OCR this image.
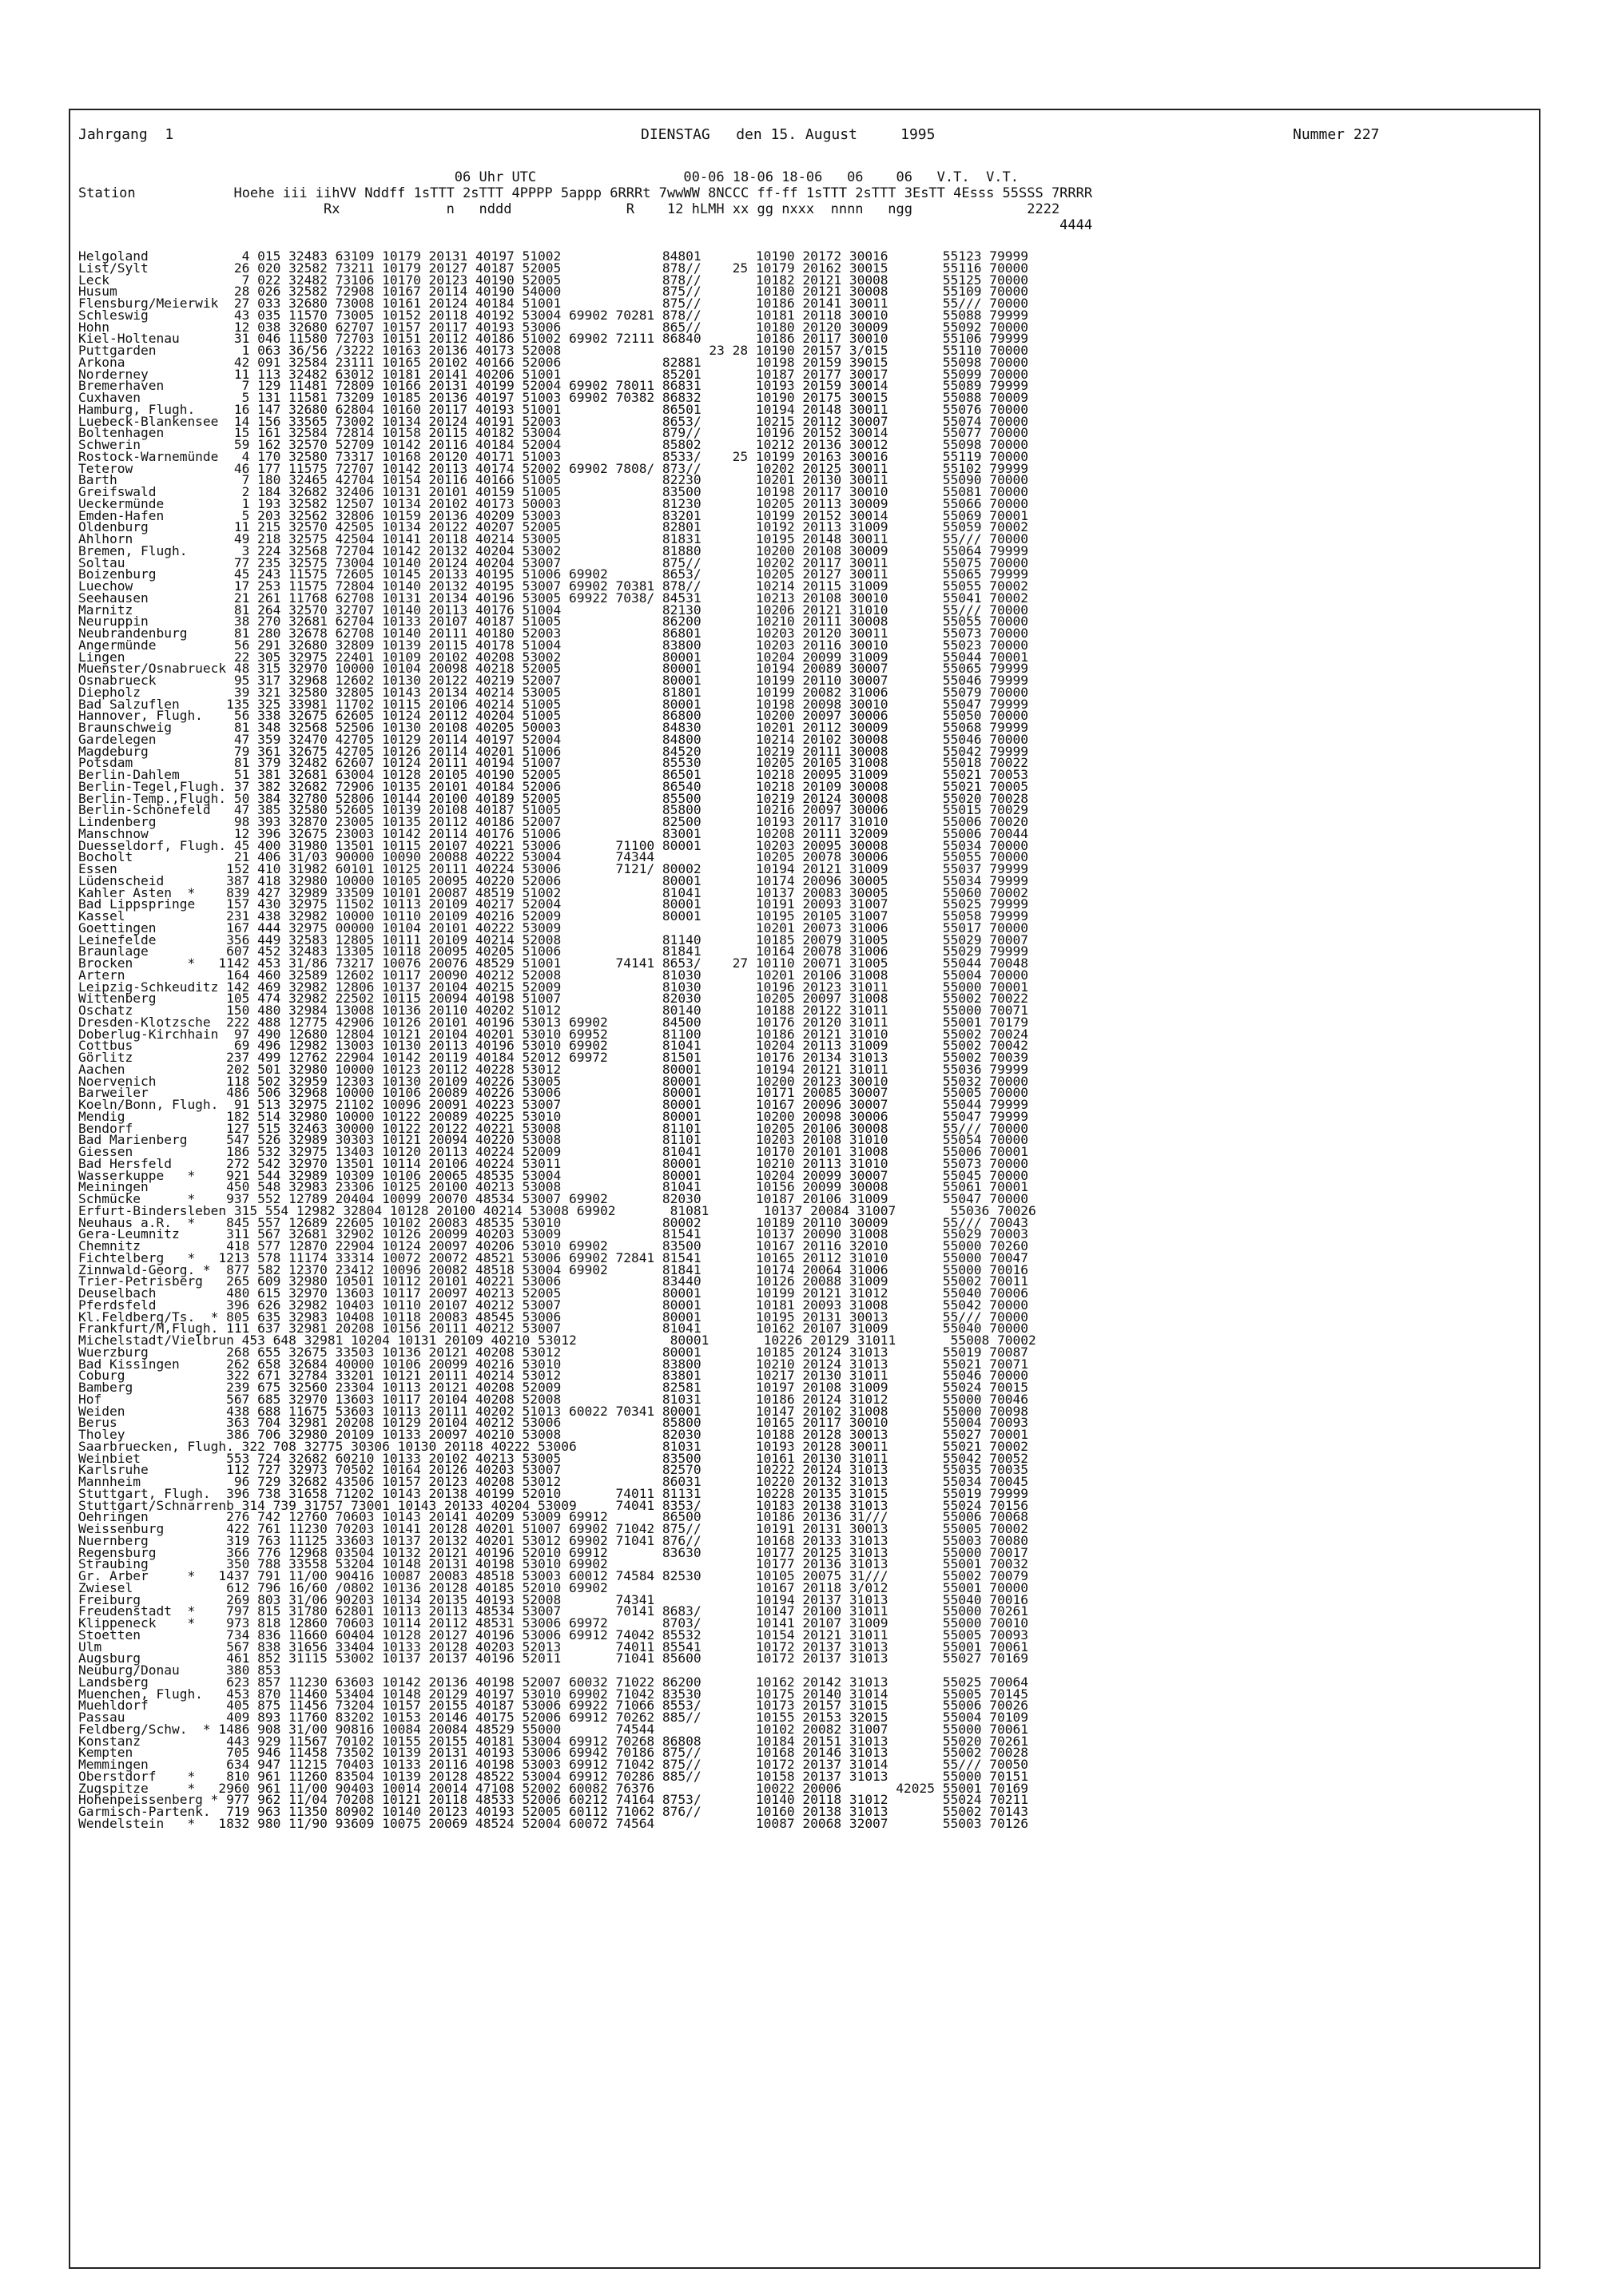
Jahrgang  1	DIENSTAG   den 15. August     1995	Nummer 227
06 Uhr UTC                  00-06 18-06 18-06   06    06   V.T.  V.T.
Station            Hoehe iii iihVV Nddff 1sTTT 2sTTT 4PPPP 5appp 6RRRt 7wwWW 8NCCC ff-ff 1sTTT 2sTTT 3EsTT 4Esss 55SSS 7RRRR
Rx             n   nddd              R    12 hLMH xx gg nxxx  nnnn   ngg              2222
4444
Helgoland            4 015 32483 63109 10179 20131 40197 51002             84801       10190 20172 30016       55123 79999
List/Sylt           26 020 32582 73211 10179 20127 40187 52005             878//    25 10179 20162 30015       55116 70000
Leck                 7 022 32482 73106 10170 20123 40190 52005             878//       10182 20121 30008       55125 70000
Husum               28 026 32582 72908 10167 20114 40190 54000             875//       10180 20121 30008       55109 70000
Flensburg/Meierwik  27 033 32680 73008 10161 20124 40184 51001             875//       10186 20141 30011       55/// 70000
Schleswig           43 035 11570 73005 10152 20118 40192 53004 69902 70281 878//       10181 20118 30010       55088 79999
Hohn                12 038 32680 62707 10157 20117 40193 53006             865//       10180 20120 30009       55092 70000
Kiel-Holtenau       31 046 11580 72703 10151 20112 40186 51002 69902 72111 86840       10186 20117 30010       55106 79999
Puttgarden           1 063 36/56 /3222 10163 20136 40173 52008                   23 28 10190 20157 3/015       55110 70000
Arkona              42 091 32584 23111 10165 20102 40166 52006             82881       10198 20159 39015       55098 70000
Norderney           11 113 32482 63012 10181 20141 40206 51001             85201       10187 20177 30017       55099 70000
Bremerhaven          7 129 11481 72809 10166 20131 40199 52004 69902 78011 86831       10193 20159 30014       55089 79999
Cuxhaven             5 131 11581 73209 10185 20136 40197 51003 69902 70382 86832       10190 20175 30015       55088 70009
Hamburg, Flugh.     16 147 32680 62804 10160 20117 40193 51001             86501       10194 20148 30011       55076 70000
Luebeck-Blankensee  14 156 33565 73002 10134 20124 40191 52003             8653/       10215 20112 30007       55074 70000
Boltenhagen         15 161 32584 72814 10158 20115 40182 53004             879//       10196 20152 30014       55077 70000
Schwerin            59 162 32570 52709 10142 20116 40184 52004             85802       10212 20136 30012       55098 70000
Rostock-Warnemünde   4 170 32580 73317 10168 20120 40171 51003             8533/    25 10199 20163 30016       55119 70000
Teterow             46 177 11575 72707 10142 20113 40174 52002 69902 7808/ 873//       10202 20125 30011       55102 79999
Barth                7 180 32465 42704 10154 20116 40166 51005             82230       10201 20130 30011       55090 70000
Greifswald           2 184 32682 32406 10131 20101 40159 51005             83500       10198 20117 30010       55081 70000
Ueckermünde          1 193 32582 12507 10134 20102 40173 50003             81230       10205 20113 30009       55066 70000
Emden-Hafen          5 203 32562 32806 10159 20136 40209 53003             83201       10199 20152 30014       55069 70001
Oldenburg           11 215 32570 42505 10134 20122 40207 52005             82801       10192 20113 31009       55059 70002
Ahlhorn             49 218 32575 42504 10141 20118 40214 53005             81831       10195 20148 30011       55/// 70000
Bremen, Flugh.       3 224 32568 72704 10142 20132 40204 53002             81880       10200 20108 30009       55064 79999
Soltau              77 235 32575 73004 10140 20124 40204 53007             875//       10202 20117 30011       55075 70000
Boizenburg          45 243 11575 72605 10145 20133 40195 51006 69902       8653/       10205 20127 30011       55065 79999
Luechow             17 253 11575 72804 10140 20132 40195 53007 69902 70381 878//       10214 20115 31009       55055 70002
Seehausen           21 261 11768 62708 10131 20134 40196 53005 69922 7038/ 84531       10213 20108 30010       55041 70002
Marnitz             81 264 32570 32707 10140 20113 40176 51004             82130       10206 20121 31010       55/// 70000
Neuruppin           38 270 32681 62704 10133 20107 40187 51005             86200       10210 20111 30008       55055 70000
Neubrandenburg      81 280 32678 62708 10140 20111 40180 52003             86801       10203 20120 30011       55073 70000
Angermünde          56 291 32680 32809 10139 20115 40178 51004             83800       10203 20116 30010       55023 70000
Lingen              22 305 32975 22401 10109 20102 40208 53002             80001       10204 20099 31009       55044 70001
Muenster/Osnabrueck 48 315 32970 10000 10104 20098 40218 52005             80001       10194 20089 30007       55065 79999
Osnabrueck          95 317 32968 12602 10130 20122 40219 52007             80001       10199 20110 30007       55046 79999
Diepholz            39 321 32580 32805 10143 20134 40214 53005             81801       10199 20082 31006       55079 70000
Bad Salzuflen      135 325 33981 11702 10115 20106 40214 51005             80001       10198 20098 30010       55047 79999
Hannover, Flugh.    56 338 32675 62605 10124 20112 40204 51005             86800       10200 20097 30006       55050 70000
Braunschweig        81 348 32568 52506 10130 20108 40205 50003             84830       10201 20112 30009       55068 79999
Gardelegen          47 359 32470 42705 10129 20114 40197 52004             84800       10214 20102 30008       55046 70000
Magdeburg           79 361 32675 42705 10126 20114 40201 51006             84520       10219 20111 30008       55042 79999
Potsdam             81 379 32482 62607 10124 20111 40194 51007             85530       10205 20105 31008       55018 70022
Berlin-Dahlem       51 381 32681 63004 10128 20105 40190 52005             86501       10218 20095 31009       55021 70053
Berlin-Tegel,Flugh. 37 382 32682 72906 10135 20101 40184 52006             86540       10218 20109 30008       55021 70005
Berlin-Temp.,Flugh. 50 384 32780 52806 10144 20100 40189 52005             85500       10219 20124 30008       55020 70028
Berlin-Schönefeld   47 385 32580 52605 10139 20108 40187 51005             85800       10216 20097 30006       55015 70029
Lindenberg          98 393 32870 23005 10135 20112 40186 52007             82500       10193 20117 31010       55006 70020
Manschnow           12 396 32675 23003 10142 20114 40176 51006             83001       10208 20111 32009       55006 70044
Duesseldorf, Flugh. 45 400 31980 13501 10115 20107 40221 53006       71100 80001       10203 20095 30008       55034 70000
Bocholt             21 406 31/03 90000 10090 20088 40222 53004       74344             10205 20078 30006       55055 70000
Essen              152 410 31982 60101 10125 20111 40224 53006       7121/ 80002       10194 20121 31009       55037 79999
Lüdenscheid        387 418 32980 10000 10105 20095 40220 52006             80001       10174 20096 30005       55034 79999
Kahler Asten  *    839 427 32989 33509 10101 20087 48519 51002             81041       10137 20083 30005       55060 70002
Bad Lippspringe    157 430 32975 11502 10113 20109 40217 52004             80001       10191 20093 31007       55025 79999
Kassel             231 438 32982 10000 10110 20109 40216 52009             80001       10195 20105 31007       55058 79999
Goettingen         167 444 32975 00000 10104 20101 40222 53009                         10201 20073 31006       55017 70000
Leinefelde         356 449 32583 12805 10111 20109 40214 52008             81140       10185 20079 31005       55029 70007
Braunlage          607 452 32483 13305 10118 20095 40205 51006             81841       10164 20078 31006       55029 79999
Brocken       *   1142 453 31/86 73217 10076 20076 48529 51001       74141 8653/    27 10110 20071 31005       55044 70048
Artern             164 460 32589 12602 10117 20090 40212 52008             81030       10201 20106 31008       55004 70000
Leipzig-Schkeuditz 142 469 32982 12806 10137 20104 40215 52009             81030       10196 20123 31011       55000 70001
Wittenberg         105 474 32982 22502 10115 20094 40198 51007             82030       10205 20097 31008       55002 70022
Oschatz            150 480 32984 13008 10136 20110 40202 51012             80140       10188 20122 31011       55000 70071
Dresden-Klotzsche  222 488 12775 42906 10126 20101 40196 53013 69902       84500       10176 20120 31011       55001 70179
Doberlug-Kirchhain  97 490 12680 12804 10121 20104 40201 53010 69952       81100       10186 20121 31010       55002 70024
Cottbus             69 496 12982 13003 10130 20113 40196 53010 69902       81041       10204 20113 31009       55002 70042
Görlitz            237 499 12762 22904 10142 20119 40184 52012 69972       81501       10176 20134 31013       55002 70039
Aachen             202 501 32980 10000 10123 20112 40228 53012             80001       10194 20121 31011       55036 79999
Noervenich         118 502 32959 12303 10130 20109 40226 53005             80001       10200 20123 30010       55032 70000
Barweiler          486 506 32968 10000 10106 20089 40226 53006             80001       10171 20085 30007       55005 70000
Koeln/Bonn, Flugh.  91 513 32975 21102 10096 20091 40223 53007             80001       10167 20096 30007       55044 79999
Mendig             182 514 32980 10000 10122 20089 40225 53010             80001       10200 20098 30006       55047 79999
Bendorf            127 515 32463 30000 10122 20122 40221 53008             81101       10205 20106 30008       55/// 70000
Bad Marienberg     547 526 32989 30303 10121 20094 40220 53008             81101       10203 20108 31010       55054 70000
Giessen            186 532 32975 13403 10120 20113 40224 52009             81041       10170 20101 31008       55006 70001
Bad Hersfeld       272 542 32970 13501 10114 20106 40224 53011             80001       10210 20113 31010       55073 70000
Wasserkuppe   *    921 544 32989 10309 10106 20065 48535 53004             80001       10204 20099 30007       55045 70000
Meiningen          450 548 32983 23306 10125 20100 40213 53008             81041       10156 20099 30008       55061 70001
Schmücke      *    937 552 12789 20404 10099 20070 48534 53007 69902       82030       10187 20106 31009       55047 70000
Erfurt-Bindersleben 315 554 12982 32804 10128 20100 40214 53008 69902       81081       10137 20084 31007       55036 70026
Neuhaus a.R.  *    845 557 12689 22605 10102 20083 48535 53010             80002       10189 20110 30009       55/// 70043
Gera-Leumnitz      311 567 32681 32902 10126 20099 40203 53009             81541       10137 20090 31008       55029 70003
Chemnitz           418 577 12870 22904 10124 20097 40206 53010 69902       83500       10167 20116 32010       55000 70260
Fichtelberg   *   1213 578 11174 33314 10072 20072 48521 53006 69902 72841 81541       10165 20112 31010       55000 70047
Zinnwald-Georg. *  877 582 12370 23412 10096 20082 48518 53004 69902       81841       10174 20064 31006       55000 70016
Trier-Petrisberg   265 609 32980 10501 10112 20101 40221 53006             83440       10126 20088 31009       55002 70011
Deuselbach         480 615 32970 13603 10117 20097 40213 52005             80001       10199 20121 31012       55040 70006
Pferdsfeld         396 626 32982 10403 10110 20107 40212 53007             80001       10181 20093 31008       55042 70000
Kl.Feldberg/Ts.  * 805 635 32983 10408 10118 20083 48545 53006             80001       10195 20131 30013       55/// 70000
Frankfurt/M,Flugh. 111 637 32981 20208 10156 20111 40212 53007             81041       10162 20107 31009       55040 70000
Michelstadt/Vielbrun 453 648 32981 10204 10131 20109 40210 53012            80001       10226 20129 31011       55008 70002
Wuerzburg          268 655 32675 33503 10136 20121 40208 53012             80001       10185 20124 31013       55019 70087
Bad Kissingen      262 658 32684 40000 10106 20099 40216 53010             83800       10210 20124 31013       55021 70071
Coburg             322 671 32784 33201 10121 20111 40214 53012             83801       10217 20130 31011       55046 70000
Bamberg            239 675 32560 23304 10113 20121 40208 52009             82581       10197 20108 31009       55024 70015
Hof                567 685 32970 13603 10117 20104 40208 52008             81031       10186 20124 31012       55000 70046
Weiden             438 688 11675 53603 10113 20111 40202 51013 60022 70341 80001       10147 20102 31008       55000 70098
Berus              363 704 32981 20208 10129 20104 40212 53006             85800       10165 20117 30010       55004 70093
Tholey             386 706 32980 20109 10133 20097 40210 53008             82030       10188 20128 30013       55027 70001
Saarbruecken, Flugh. 322 708 32775 30306 10130 20118 40222 53006           81031       10193 20128 30011       55021 70002
Weinbiet           553 724 32682 60210 10133 20102 40213 53005             83500       10161 20130 31011       55042 70052
Karlsruhe          112 727 32973 70502 10164 20126 40203 53007             82570       10222 20124 31013       55035 70035
Mannheim            96 729 32682 43506 10157 20123 40208 53012             86031       10220 20132 31013       55034 70045
Stuttgart, Flugh.  396 738 31658 71202 10143 20138 40199 52010       74011 81131       10228 20135 31015       55019 79999
Stuttgart/Schnarrenb 314 739 31757 73001 10143 20133 40204 53009     74041 8353/       10183 20138 31013       55024 70156
Oehringen          276 742 12760 70603 10143 20141 40209 53009 69912       86500       10186 20136 31///       55006 70068
Weissenburg        422 761 11230 70203 10141 20128 40201 51007 69902 71042 875//       10191 20131 30013       55005 70002
Nuernberg          319 763 11125 33603 10137 20132 40201 53012 69902 71041 876//       10168 20133 31013       55003 70080
Regensburg         366 776 12968 03504 10132 20121 40196 52010 69912       83630       10177 20125 31013       55000 70017
Straubing          350 788 33558 53204 10148 20131 40198 53010 69902                   10177 20136 31013       55001 70032
Gr. Arber     *   1437 791 11/00 90416 10087 20083 48518 53003 60012 74584 82530       10105 20075 31///       55002 70079
Zwiesel            612 796 16/60 /0802 10136 20128 40185 52010 69902                   10167 20118 3/012       55001 70000
Freiburg           269 803 31/06 90203 10134 20135 40193 52008       74341             10194 20137 31013       55040 70016
Freudenstadt  *    797 815 31780 62801 10113 20113 48534 53007       70141 8683/       10147 20100 31011       55000 70261
Klippeneck    *    973 818 12860 70603 10114 20112 48531 53006 69972       8703/       10141 20107 31009       55000 70010
Stoetten           734 836 11660 60404 10128 20127 40196 53006 69912 74042 85532       10154 20121 31011       55005 70093
Ulm                567 838 31656 33404 10133 20128 40203 52013       74011 85541       10172 20137 31013       55001 70061
Augsburg           461 852 31115 53002 10137 20137 40196 52011       71041 85600       10172 20137 31013       55027 70169
Neuburg/Donau      380 853
Landsberg          623 857 11230 63603 10142 20136 40198 52007 60032 71022 86200       10162 20142 31013       55025 70064
Muenchen, Flugh.   453 870 11460 53404 10148 20129 40197 53010 69902 71042 83530       10175 20140 31014       55005 70145
Muehldorf          405 875 11456 73204 10157 20155 40187 53006 69922 71066 8553/       10173 20157 31015       55006 70026
Passau             409 893 11760 83202 10153 20146 40175 52006 69912 70262 885//       10155 20153 32015       55004 70109
Feldberg/Schw.  * 1486 908 31/00 90816 10084 20084 48529 55000       74544             10102 20082 31007       55000 70061
Konstanz           443 929 11567 70102 10155 20155 40181 53004 69912 70268 86808       10184 20151 31013       55020 70261
Kempten            705 946 11458 73502 10139 20131 40193 53006 69942 70186 875//       10168 20146 31013       55002 70028
Memmingen          634 947 11215 70403 10133 20116 40198 53003 69912 71042 875//       10172 20137 31014       55/// 70050
Oberstdorf    *    810 961 11260 83504 10139 20128 48522 53004 69912 70286 885//       10158 20137 31013       55000 70151
Zugspitze     *   2960 961 11/00 90403 10014 20014 47108 52002 60082 76376             10022 20006       42025 55001 70169
Hohenpeissenberg * 977 962 11/04 70208 10121 20118 48533 52006 60212 74164 8753/       10140 20118 31012       55024 70211
Garmisch-Partenk.  719 963 11350 80902 10140 20123 40193 52005 60112 71062 876//       10160 20138 31013       55002 70143
Wendelstein   *   1832 980 11/90 93609 10075 20069 48524 52004 60072 74564             10087 20068 32007       55003 70126
